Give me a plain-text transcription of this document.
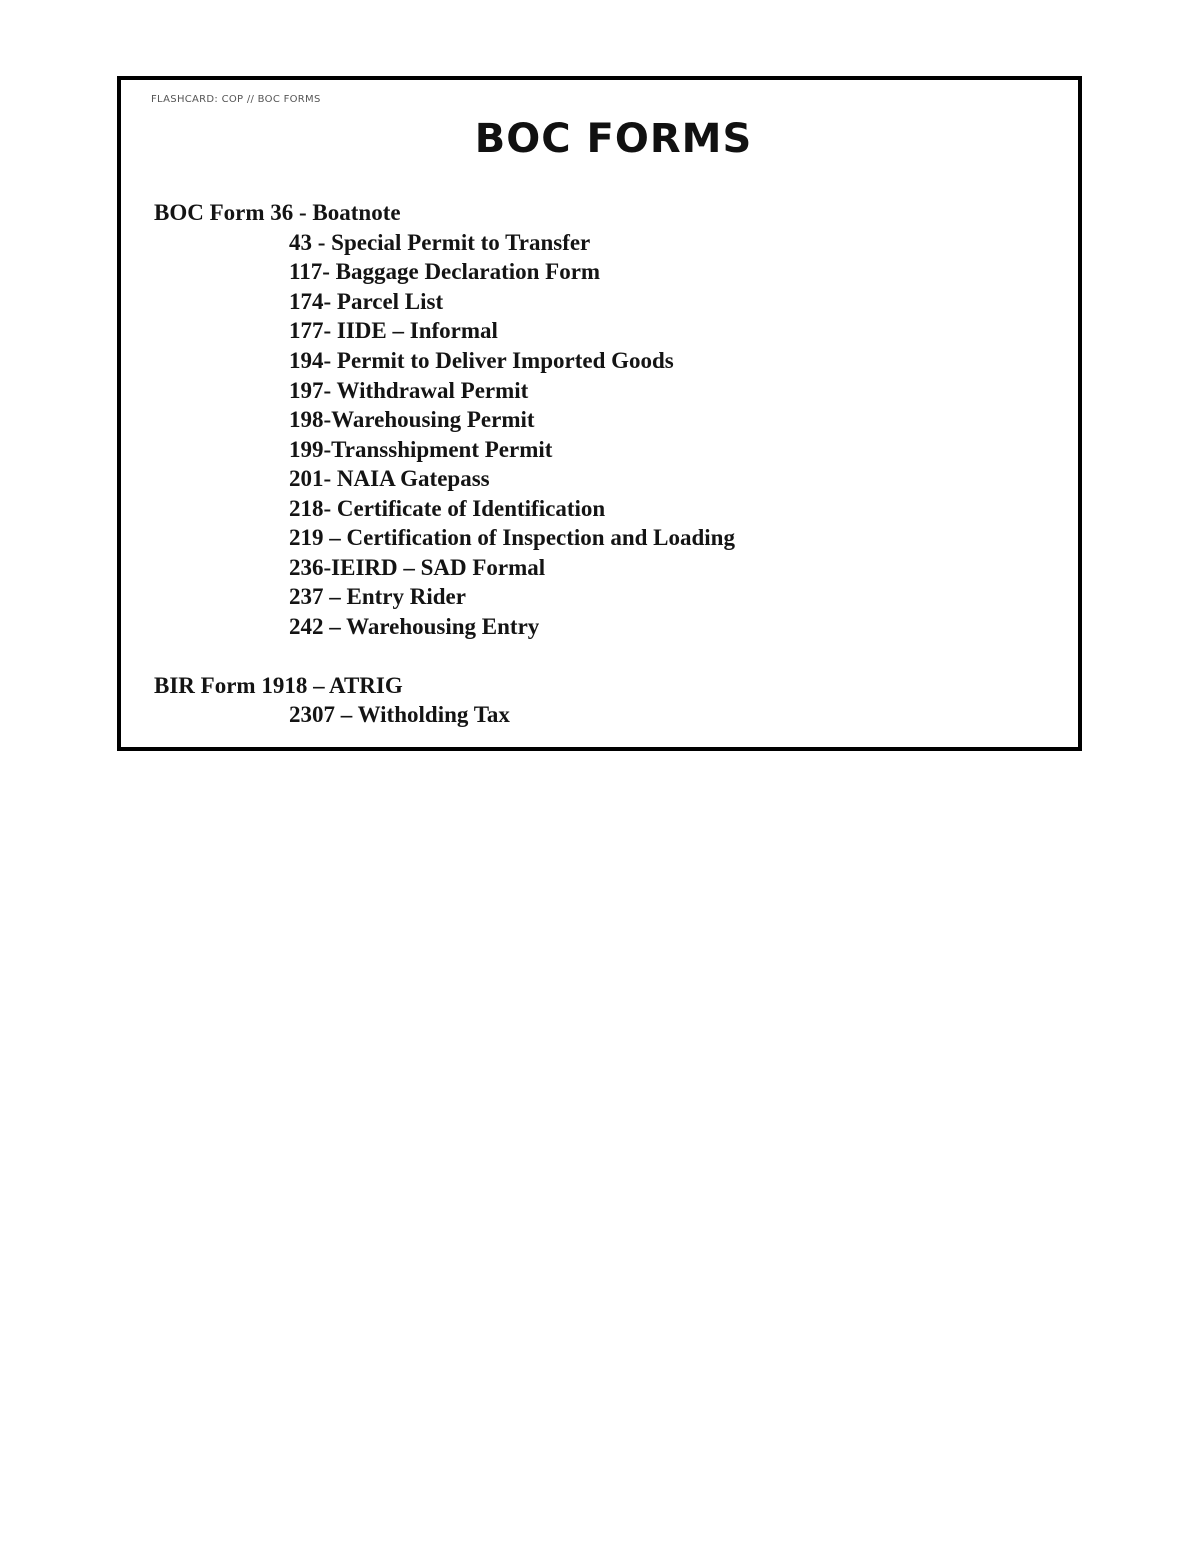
FLASHCARD: COP // BOC FORMS
BOC FORMS
BOC Form 36 - Boatnote
43 - Special Permit to Transfer
117- Baggage Declaration Form
174- Parcel List
177- IIDE – Informal
194- Permit to Deliver Imported Goods
197- Withdrawal Permit
198-Warehousing Permit
199-Transshipment Permit
201- NAIA Gatepass
218- Certificate of Identification
219 – Certification of Inspection and Loading
236-IEIRD – SAD Formal
237 – Entry Rider
242 – Warehousing Entry
BIR Form 1918 – ATRIG
2307 – Witholding Tax
